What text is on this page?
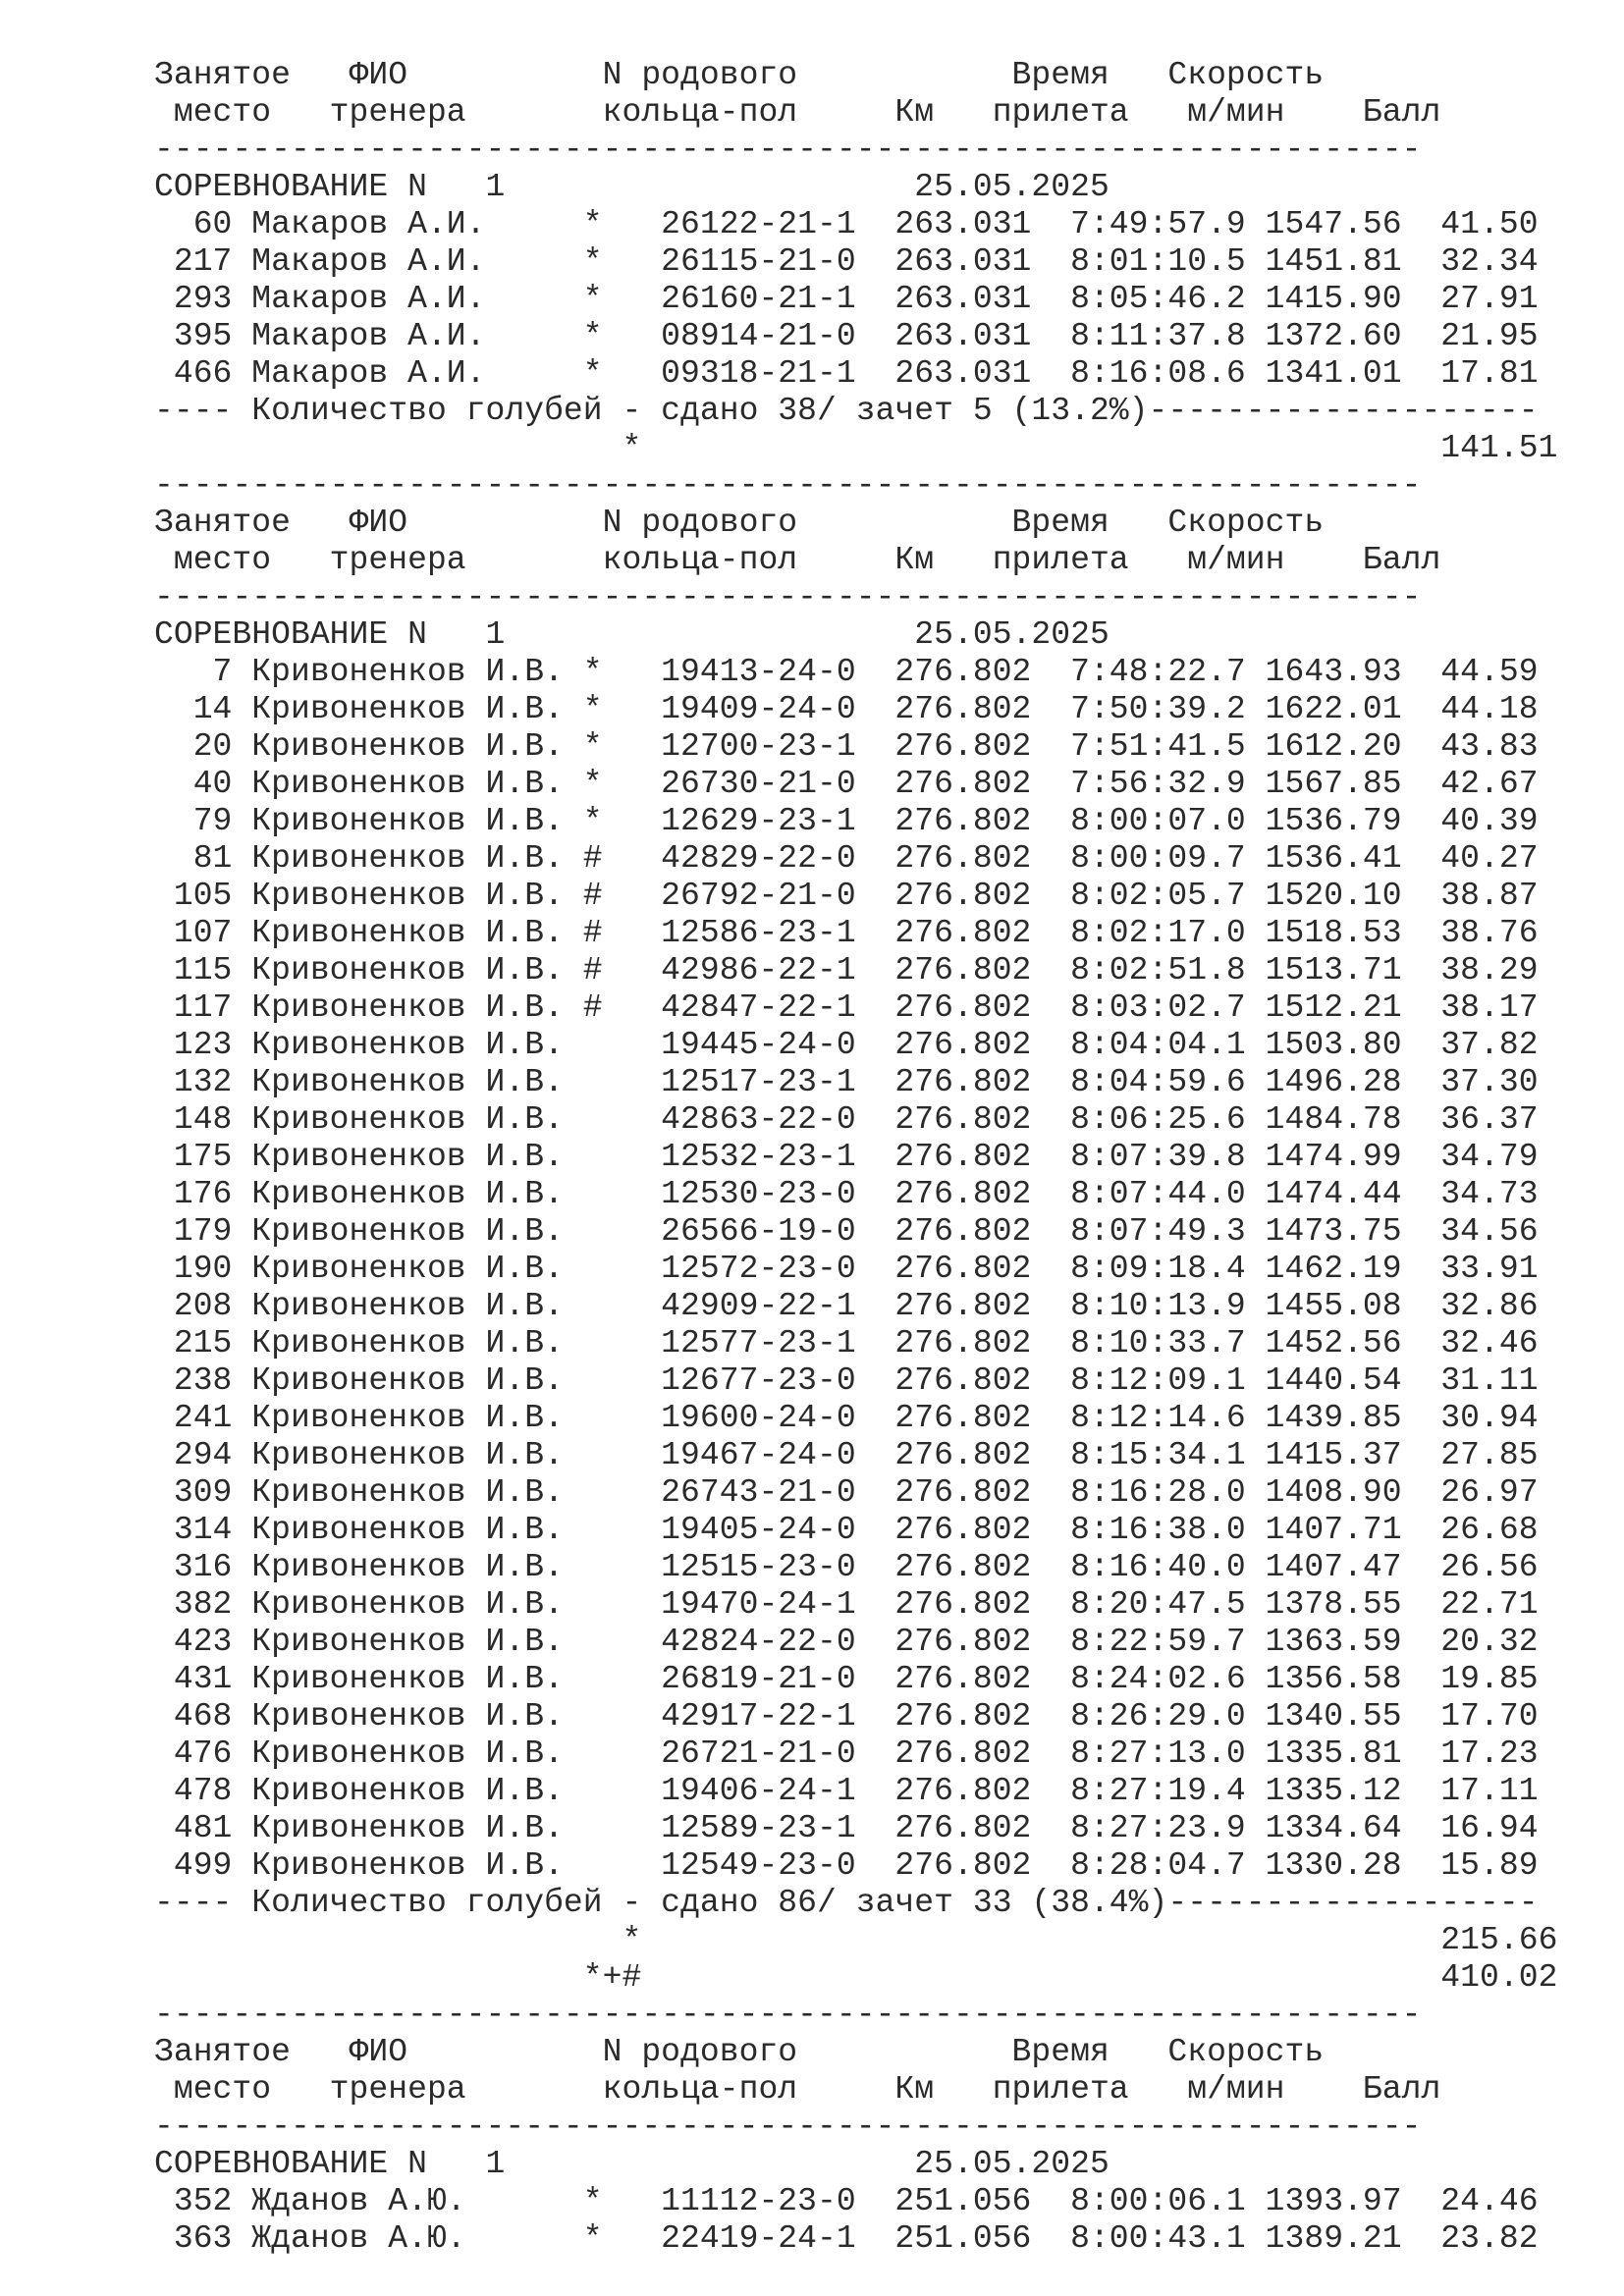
Занятое   ФИО          N родового           Время   Скорость
место   тренера       кольца-пол     Км   прилета   м/мин    Балл
-----------------------------------------------------------------
СОРЕВНОВАНИЕ N   1                     25.05.2025
60 Макаров А.И.     *   26122-21-1  263.031  7:49:57.9 1547.56  41.50
217 Макаров А.И.     *   26115-21-0  263.031  8:01:10.5 1451.81  32.34
293 Макаров А.И.     *   26160-21-1  263.031  8:05:46.2 1415.90  27.91
395 Макаров А.И.     *   08914-21-0  263.031  8:11:37.8 1372.60  21.95
466 Макаров А.И.     *   09318-21-1  263.031  8:16:08.6 1341.01  17.81
---- Количество голубей - сдано 38/ зачет 5 (13.2%)--------------------
*                                         141.51
-----------------------------------------------------------------
Занятое   ФИО          N родового           Время   Скорость
место   тренера       кольца-пол     Км   прилета   м/мин    Балл
-----------------------------------------------------------------
СОРЕВНОВАНИЕ N   1                     25.05.2025
7 Кривоненков И.В. *   19413-24-0  276.802  7:48:22.7 1643.93  44.59
14 Кривоненков И.В. *   19409-24-0  276.802  7:50:39.2 1622.01  44.18
20 Кривоненков И.В. *   12700-23-1  276.802  7:51:41.5 1612.20  43.83
40 Кривоненков И.В. *   26730-21-0  276.802  7:56:32.9 1567.85  42.67
79 Кривоненков И.В. *   12629-23-1  276.802  8:00:07.0 1536.79  40.39
81 Кривоненков И.В. #   42829-22-0  276.802  8:00:09.7 1536.41  40.27
105 Кривоненков И.В. #   26792-21-0  276.802  8:02:05.7 1520.10  38.87
107 Кривоненков И.В. #   12586-23-1  276.802  8:02:17.0 1518.53  38.76
115 Кривоненков И.В. #   42986-22-1  276.802  8:02:51.8 1513.71  38.29
117 Кривоненков И.В. #   42847-22-1  276.802  8:03:02.7 1512.21  38.17
123 Кривоненков И.В.     19445-24-0  276.802  8:04:04.1 1503.80  37.82
132 Кривоненков И.В.     12517-23-1  276.802  8:04:59.6 1496.28  37.30
148 Кривоненков И.В.     42863-22-0  276.802  8:06:25.6 1484.78  36.37
175 Кривоненков И.В.     12532-23-1  276.802  8:07:39.8 1474.99  34.79
176 Кривоненков И.В.     12530-23-0  276.802  8:07:44.0 1474.44  34.73
179 Кривоненков И.В.     26566-19-0  276.802  8:07:49.3 1473.75  34.56
190 Кривоненков И.В.     12572-23-0  276.802  8:09:18.4 1462.19  33.91
208 Кривоненков И.В.     42909-22-1  276.802  8:10:13.9 1455.08  32.86
215 Кривоненков И.В.     12577-23-1  276.802  8:10:33.7 1452.56  32.46
238 Кривоненков И.В.     12677-23-0  276.802  8:12:09.1 1440.54  31.11
241 Кривоненков И.В.     19600-24-0  276.802  8:12:14.6 1439.85  30.94
294 Кривоненков И.В.     19467-24-0  276.802  8:15:34.1 1415.37  27.85
309 Кривоненков И.В.     26743-21-0  276.802  8:16:28.0 1408.90  26.97
314 Кривоненков И.В.     19405-24-0  276.802  8:16:38.0 1407.71  26.68
316 Кривоненков И.В.     12515-23-0  276.802  8:16:40.0 1407.47  26.56
382 Кривоненков И.В.     19470-24-1  276.802  8:20:47.5 1378.55  22.71
423 Кривоненков И.В.     42824-22-0  276.802  8:22:59.7 1363.59  20.32
431 Кривоненков И.В.     26819-21-0  276.802  8:24:02.6 1356.58  19.85
468 Кривоненков И.В.     42917-22-1  276.802  8:26:29.0 1340.55  17.70
476 Кривоненков И.В.     26721-21-0  276.802  8:27:13.0 1335.81  17.23
478 Кривоненков И.В.     19406-24-1  276.802  8:27:19.4 1335.12  17.11
481 Кривоненков И.В.     12589-23-1  276.802  8:27:23.9 1334.64  16.94
499 Кривоненков И.В.     12549-23-0  276.802  8:28:04.7 1330.28  15.89
---- Количество голубей - сдано 86/ зачет 33 (38.4%)-------------------
*                                         215.66
*+#                                         410.02
-----------------------------------------------------------------
Занятое   ФИО          N родового           Время   Скорость
место   тренера       кольца-пол     Км   прилета   м/мин    Балл
-----------------------------------------------------------------
СОРЕВНОВАНИЕ N   1                     25.05.2025
352 Жданов А.Ю.      *   11112-23-0  251.056  8:00:06.1 1393.97  24.46
363 Жданов А.Ю.      *   22419-24-1  251.056  8:00:43.1 1389.21  23.82
